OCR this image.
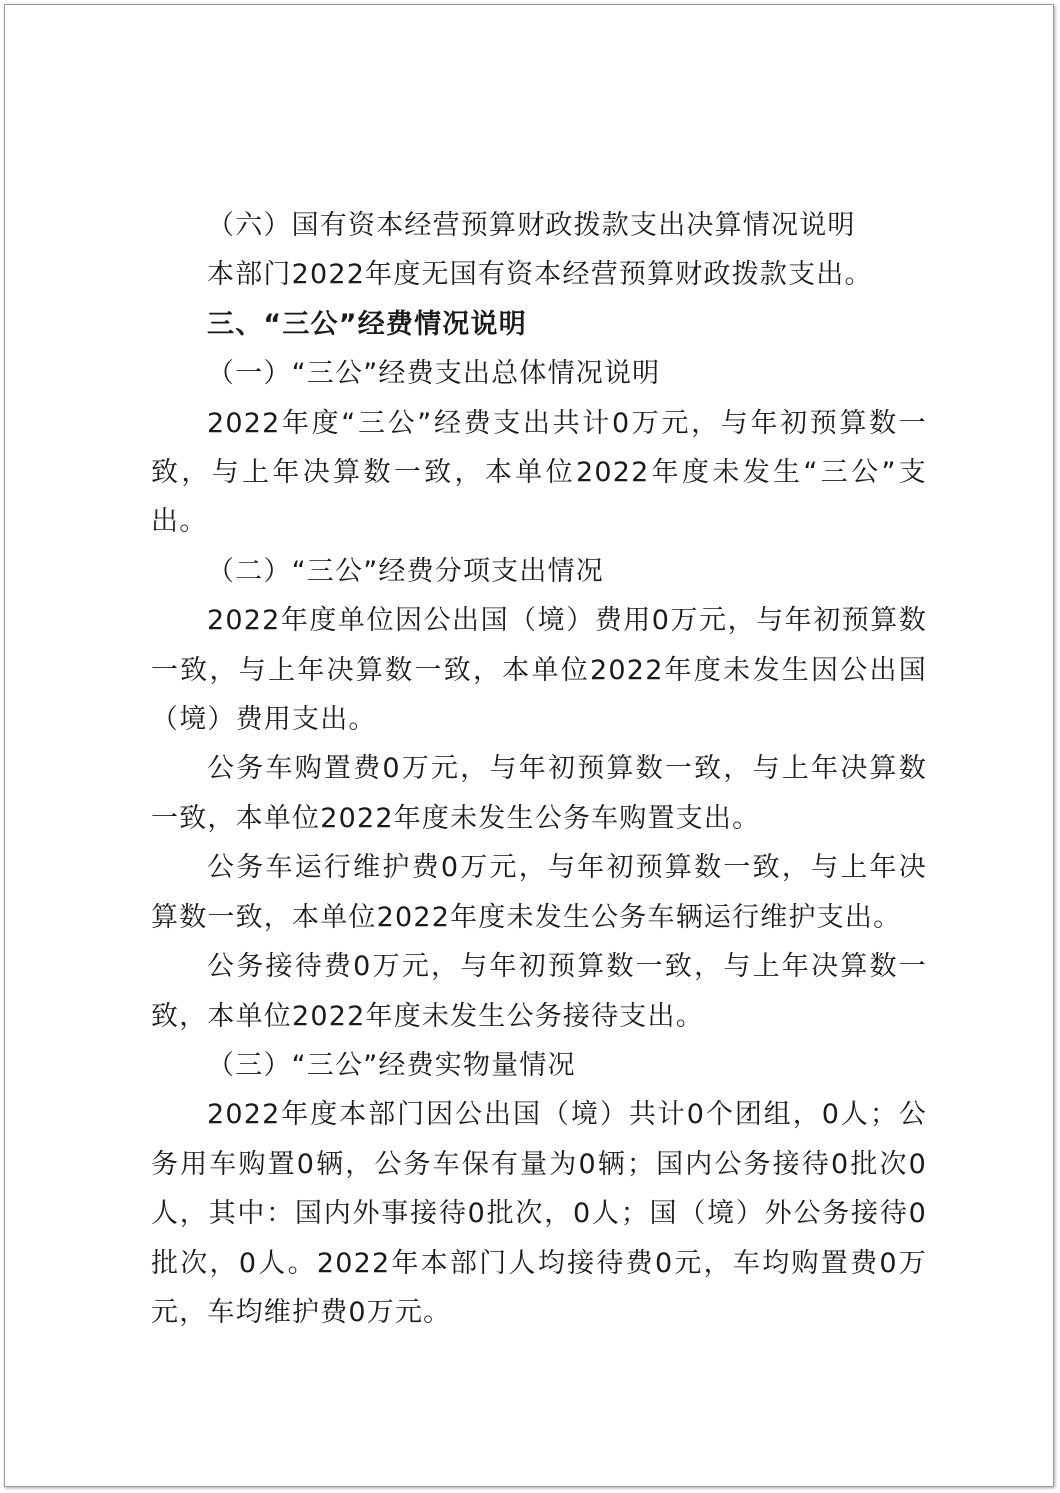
（六）国有资本经营预算财政拨款支出决算情况说明

本部门2022年度无国有资本经营预算财政拨款支出。

三、“三公”经费情况说明

（一）“三公”经费支出总体情况说明

2022年度“三公”经费支出共计0万元，与年初预算数一致，与上年决算数一致，本单位2022年度未发生“三公”支出。

（二）“三公”经费分项支出情况

2022年度单位因公出国（境）费用0万元，与年初预算数一致，与上年决算数一致，本单位2022年度未发生因公出国（境）费用支出。

公务车购置费0万元，与年初预算数一致，与上年决算数一致，本单位2022年度未发生公务车购置支出。

公务车运行维护费0万元，与年初预算数一致，与上年决算数一致，本单位2022年度未发生公务车辆运行维护支出。

公务接待费0万元，与年初预算数一致，与上年决算数一致，本单位2022年度未发生公务接待支出。

（三）“三公”经费实物量情况

2022年度本部门因公出国（境）共计0个团组，0人；公务用车购置0辆，公务车保有量为0辆；国内公务接待0批次0人，其中：国内外事接待0批次，0人；国（境）外公务接待0批次，0人。2022年本部门人均接待费0元，车均购置费0万元，车均维护费0万元。
